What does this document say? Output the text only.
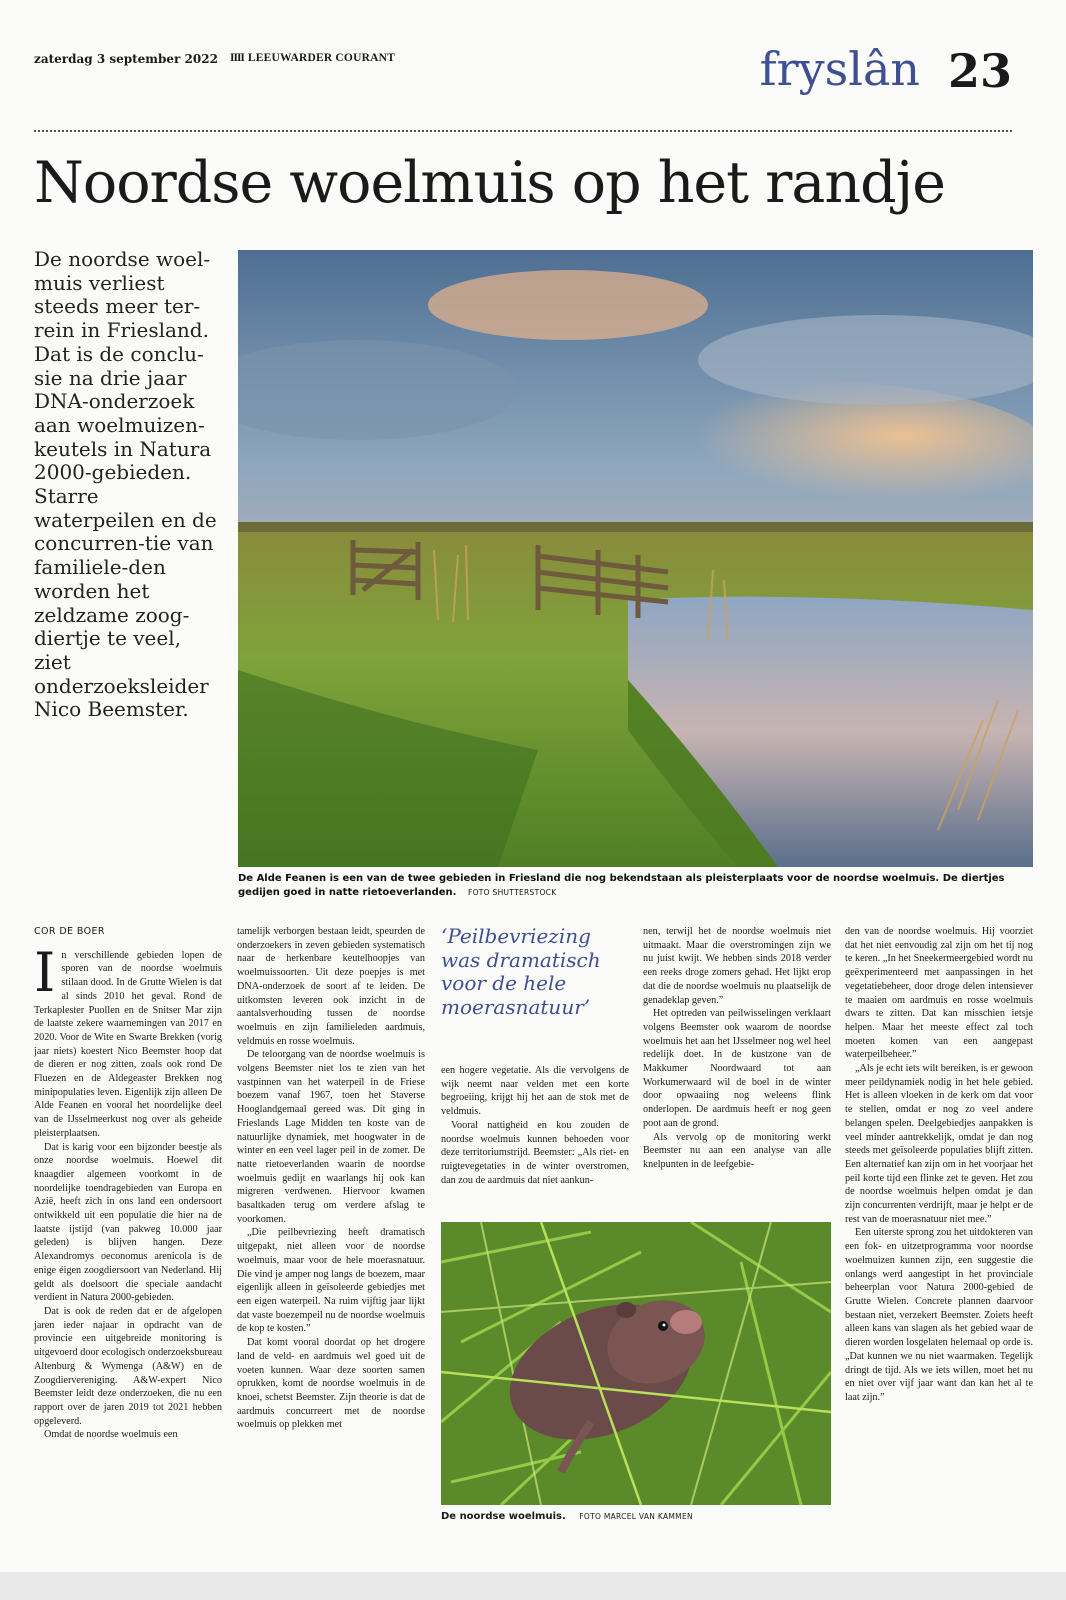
zaterdag 3 september 2022 IIII LEEUWARDER COURANT	fryslân 23
Noordse woelmuis op het randje
De noordse woel-muis verliest steeds meer ter-rein in Friesland. Dat is de conclu-sie na drie jaar DNA-onderzoek aan woelmuizen-keutels in Natura 2000-gebieden. Starre waterpeilen en de concurren-tie van familiele-den worden het zeldzame zoog-diertje te veel, ziet onderzoeksleider Nico Beemster.
De Alde Feanen is een van de twee gebieden in Friesland die nog bekendstaan als pleisterplaats voor de noordse woelmuis. De diertjes gedijen goed in natte rietoeverlanden. FOTO SHUTTERSTOCK
COR DE BOER

In verschillende gebieden lopen de sporen van de noordse woelmuis stilaan dood. In de Grutte Wielen is dat al sinds 2010 het geval. Rond de Terkaplester Puollen en de Snitser Mar zijn de laatste zekere waarnemingen van 2017 en 2020. Voor de Wite en Swarte Brekken (vorig jaar niets) koestert Nico Beemster hoop dat de dieren er nog zitten, zoals ook rond De Fluezen en de Aldegeaster Brekken nog minipopulaties leven. Eigenlijk zijn alleen De Alde Feanen en vooral het noordelijke deel van de IJsselmeerkust nog over als geheide pleisterplaatsen.

Dat is karig voor een bijzonder beestje als onze noordse woelmuis. Hoewel dit knaagdier algemeen voorkomt in de noordelijke toendragebieden van Europa en Azië, heeft zich in ons land een ondersoort ontwikkeld uit een populatie die hier na de laatste ijstijd (van pakweg 10.000 jaar geleden) is blijven hangen. Deze Alexandromys oeconomus arenicola is de enige éigen zoogdiersoort van Nederland. Hij geldt als doelsoort die speciale aandacht verdient in Natura 2000-gebieden.

Dat is ook de reden dat er de afgelopen jaren ieder najaar in opdracht van de provincie een uitgebreide monitoring is uitgevoerd door ecologisch onderzoeksbureau Altenburg & Wymenga (A&W) en de Zoogdiervereniging. A&W-expert Nico Beemster leidt deze onderzoeken, die nu een rapport over de jaren 2019 tot 2021 hebben opgeleverd.

Omdat de noordse woelmuis een

tamelijk verborgen bestaan leidt, speurden de onderzoekers in zeven gebieden systematisch naar de herkenbare keutelhoopjes van woelmuissoorten. Uit deze poepjes is met DNA-onderzoek de soort af te leiden. De uitkomsten leveren ook inzicht in de aantalsverhouding tussen de noordse woelmuis en zijn familieleden aardmuis, veldmuis en rosse woelmuis.

De teloorgang van de noordse woelmuis is volgens Beemster niet los te zien van het vastpinnen van het waterpeil in de Friese boezem vanaf 1967, toen het Staverse Hooglandgemaal gereed was. Dit ging in Frieslands Lage Midden ten koste van de natuurlijke dynamiek, met hoogwater in de winter en een veel lager peil in de zomer. De natte rietoeverlanden waarin de noordse woelmuis gedijt en waarlangs hij ook kan migreren verdwenen. Hiervoor kwamen basaltkaden terug om verdere afslag te voorkomen.

„Die peilbevriezing heeft dramatisch uitgepakt, niet alleen voor de noordse woelmuis, maar voor de hele moerasnatuur. Die vind je amper nog langs de boezem, maar eigenlijk alleen in geïsoleerde gebiedjes met een eigen waterpeil. Na ruim vijftig jaar lijkt dat vaste boezempeil nu de noordse woelmuis de kop te kosten.”

Dat komt vooral doordat op het drogere land de veld- en aardmuis wel goed uit de voeten kunnen. Waar deze soorten samen oprukken, komt de noordse woelmuis in de knoei, schetst Beemster. Zijn theorie is dat de aardmuis concurreert met de noordse woelmuis op plekken met

‘Peilbevriezing was dramatisch voor de hele moerasnatuur’

een hogere vegetatie. Als die vervolgens de wijk neemt naar velden met een korte begroeiing, krijgt hij het aan de stok met de veldmuis.

Vooral nattigheid en kou zouden de noordse woelmuis kunnen behoeden voor deze territoriumstrijd. Beemster: „Als riet- en ruigtevegetaties in de winter overstromen, dan zou de aardmuis dat niet aankun-

nen, terwijl het de noordse woelmuis niet uitmaakt. Maar die overstromingen zijn we nu juist kwijt. We hebben sinds 2018 verder een reeks droge zomers gehad. Het lijkt erop dat die de noordse woelmuis nu plaatselijk de genadeklap geven.”

Het optreden van peilwisselingen verklaart volgens Beemster ook waarom de noordse woelmuis het aan het IJsselmeer nog wel heel redelijk doet. In de kustzone van de Makkumer Noordwaard tot aan Workumerwaard wil de boel in de winter door opwaaiing nog weleens flink onderlopen. De aardmuis heeft er nog geen poot aan de grond.

Als vervolg op de monitoring werkt Beemster nu aan een analyse van alle knelpunten in de leefgebie-

De noordse woelmuis. FOTO MARCEL VAN KAMMEN

den van de noordse woelmuis. Hij voorziet dat het niet eenvoudig zal zijn om het tij nog te keren. „In het Sneekermeergebied wordt nu geëxperimenteerd met aanpassingen in het vegetatiebeheer, door droge delen intensiever te maaien om aardmuis en rosse woelmuis dwars te zitten. Dat kan misschien ietsje helpen. Maar het meeste effect zal toch moeten komen van een aangepast waterpeilbeheer.”

„Als je echt iets wilt bereiken, is er gewoon meer peildynamiek nodig in het hele gebied. Het is alleen vloeken in de kerk om dat voor te stellen, omdat er nog zo veel andere belangen spelen. Deelgebiedjes aanpakken is veel minder aantrekkelijk, omdat je dan nog steeds met geïsoleerde populaties blijft zitten. Een alternatief kan zijn om in het voorjaar het peil korte tijd een flinke zet te geven. Het zou de noordse woelmuis helpen omdat je dan zijn concurrenten verdrijft, maar je helpt er de rest van de moerasnatuur niet mee.”

Een uiterste sprong zou het uitdokteren van een fok- en uitzetprogramma voor noordse woelmuizen kunnen zijn, een suggestie die onlangs werd aangestipt in het provinciale beheerplan voor Natura 2000-gebied de Grutte Wielen. Concrete plannen daarvoor bestaan niet, verzekert Beemster. Zoiets heeft alleen kans van slagen als het gebied waar de dieren worden losgelaten helemaal op orde is. „Dat kunnen we nu niet waarmaken. Tegelijk dringt de tijd. Als we iets willen, moet het nu en niet over vijf jaar want dan kan het al te laat zijn.”
